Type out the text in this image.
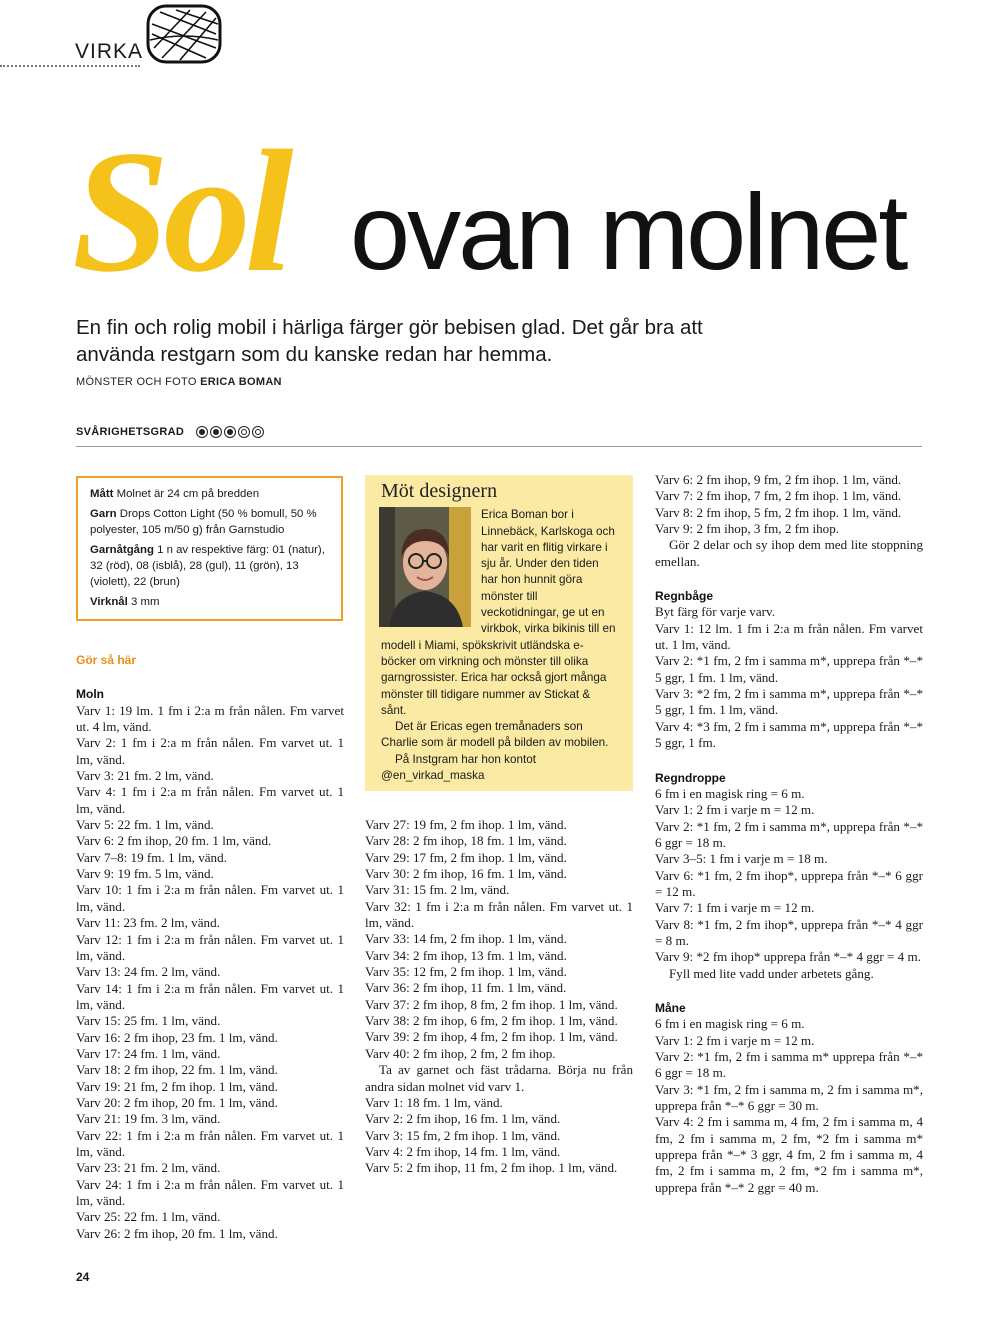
VIRKA
Sol ovan molnet
En fin och rolig mobil i härliga färger gör bebisen glad. Det går bra att använda restgarn som du kanske redan har hemma.
MÖNSTER OCH FOTO ERICA BOMAN
SVÅRIGHETSGRAD

Mått Molnet är 24 cm på bredden

Garn Drops Cotton Light (50 % bomull, 50 % polyester, 105 m/50 g) från Garnstudio

Garnåtgång 1 n av respektive färg: 01 (natur), 32 (röd), 08 (isblå), 28 (gul), 11 (grön), 13 (violett), 22 (brun)

Virknål 3 mm

Möt designern

Erica Boman bor i Linnebäck, Karlskoga och har varit en flitig virkare i sju år. Under den tiden har hon hunnit göra mönster till veckotidningar, ge ut en virkbok, virka bikinis till en modell i Miami, spökskrivit utländska e-böcker om virkning och mönster till olika garngrossister. Erica har också gjort många mönster till tidigare nummer av Stickat & sånt.

Det är Ericas egen tremånaders son Charlie som är modell på bilden av mobilen.

På Instgram har hon kontot @en_virkad_maska

Gör så här
Moln

Varv 1: 19 lm. 1 fm i 2:a m från nålen. Fm varvet ut. 4 lm, vänd.

Varv 2: 1 fm i 2:a m från nålen. Fm varvet ut. 1 lm, vänd.

Varv 3: 21 fm. 2 lm, vänd.

Varv 4: 1 fm i 2:a m från nålen. Fm varvet ut. 1 lm, vänd.

Varv 5: 22 fm. 1 lm, vänd.

Varv 6: 2 fm ihop, 20 fm. 1 lm, vänd.

Varv 7–8: 19 fm. 1 lm, vänd.

Varv 9: 19 fm. 5 lm, vänd.

Varv 10: 1 fm i 2:a m från nålen. Fm varvet ut. 1 lm, vänd.

Varv 11: 23 fm. 2 lm, vänd.

Varv 12: 1 fm i 2:a m från nålen. Fm varvet ut. 1 lm, vänd.

Varv 13: 24 fm. 2 lm, vänd.

Varv 14: 1 fm i 2:a m från nålen. Fm varvet ut. 1 lm, vänd.

Varv 15: 25 fm. 1 lm, vänd.

Varv 16: 2 fm ihop, 23 fm. 1 lm, vänd.

Varv 17: 24 fm. 1 lm, vänd.

Varv 18: 2 fm ihop, 22 fm. 1 lm, vänd.

Varv 19: 21 fm, 2 fm ihop. 1 lm, vänd.

Varv 20: 2 fm ihop, 20 fm. 1 lm, vänd.

Varv 21: 19 fm. 3 lm, vänd.

Varv 22: 1 fm i 2:a m från nålen. Fm varvet ut. 1 lm, vänd.

Varv 23: 21 fm. 2 lm, vänd.

Varv 24: 1 fm i 2:a m från nålen. Fm varvet ut. 1 lm, vänd.

Varv 25: 22 fm. 1 lm, vänd.

Varv 26: 2 fm ihop, 20 fm. 1 lm, vänd.

Varv 27: 19 fm, 2 fm ihop. 1 lm, vänd.

Varv 28: 2 fm ihop, 18 fm. 1 lm, vänd.

Varv 29: 17 fm, 2 fm ihop. 1 lm, vänd.

Varv 30: 2 fm ihop, 16 fm. 1 lm, vänd.

Varv 31: 15 fm. 2 lm, vänd.

Varv 32: 1 fm i 2:a m från nålen. Fm varvet ut. 1 lm, vänd.

Varv 33: 14 fm, 2 fm ihop. 1 lm, vänd.

Varv 34: 2 fm ihop, 13 fm. 1 lm, vänd.

Varv 35: 12 fm, 2 fm ihop. 1 lm, vänd.

Varv 36: 2 fm ihop, 11 fm. 1 lm, vänd.

Varv 37: 2 fm ihop, 8 fm, 2 fm ihop. 1 lm, vänd.

Varv 38: 2 fm ihop, 6 fm, 2 fm ihop. 1 lm, vänd.

Varv 39: 2 fm ihop, 4 fm, 2 fm ihop. 1 lm, vänd.

Varv 40: 2 fm ihop, 2 fm, 2 fm ihop.

Ta av garnet och fäst trådarna. Börja nu från andra sidan molnet vid varv 1.

Varv 1: 18 fm. 1 lm, vänd.

Varv 2: 2 fm ihop, 16 fm. 1 lm, vänd.

Varv 3: 15 fm, 2 fm ihop. 1 lm, vänd.

Varv 4: 2 fm ihop, 14 fm. 1 lm, vänd.

Varv 5: 2 fm ihop, 11 fm, 2 fm ihop. 1 lm, vänd.

Varv 6: 2 fm ihop, 9 fm, 2 fm ihop. 1 lm, vänd.

Varv 7: 2 fm ihop, 7 fm, 2 fm ihop. 1 lm, vänd.

Varv 8: 2 fm ihop, 5 fm, 2 fm ihop. 1 lm, vänd.

Varv 9: 2 fm ihop, 3 fm, 2 fm ihop.

Gör 2 delar och sy ihop dem med lite stoppning emellan.

Regnbåge

Byt färg för varje varv.

Varv 1: 12 lm. 1 fm i 2:a m från nålen. Fm varvet ut. 1 lm, vänd.

Varv 2: *1 fm, 2 fm i samma m*, upprepa från *–* 5 ggr, 1 fm. 1 lm, vänd.

Varv 3: *2 fm, 2 fm i samma m*, upprepa från *–* 5 ggr, 1 fm. 1 lm, vänd.

Varv 4: *3 fm, 2 fm i samma m*, upprepa från *–* 5 ggr, 1 fm.

Regndroppe

6 fm i en magisk ring = 6 m.

Varv 1: 2 fm i varje m = 12 m.

Varv 2: *1 fm, 2 fm i samma m*, upprepa från *–* 6 ggr = 18 m.

Varv 3–5: 1 fm i varje m = 18 m.

Varv 6: *1 fm, 2 fm ihop*, upprepa från *–* 6 ggr = 12 m.

Varv 7: 1 fm i varje m = 12 m.

Varv 8: *1 fm, 2 fm ihop*, upprepa från *–* 4 ggr = 8 m.

Varv 9: *2 fm ihop* upprepa från *–* 4 ggr = 4 m.

Fyll med lite vadd under arbetets gång.

Måne

6 fm i en magisk ring = 6 m.

Varv 1: 2 fm i varje m = 12 m.

Varv 2: *1 fm, 2 fm i samma m* upprepa från *–* 6 ggr = 18 m.

Varv 3: *1 fm, 2 fm i samma m, 2 fm i samma m*, upprepa från *–* 6 ggr = 30 m.

Varv 4: 2 fm i samma m, 4 fm, 2 fm i samma m, 4 fm, 2 fm i samma m, 2 fm, *2 fm i samma m* upprepa från *–* 3 ggr, 4 fm, 2 fm i samma m, 4 fm, 2 fm i samma m, 2 fm, *2 fm i samma m*, upprepa från *–* 2 ggr = 40 m.

24
